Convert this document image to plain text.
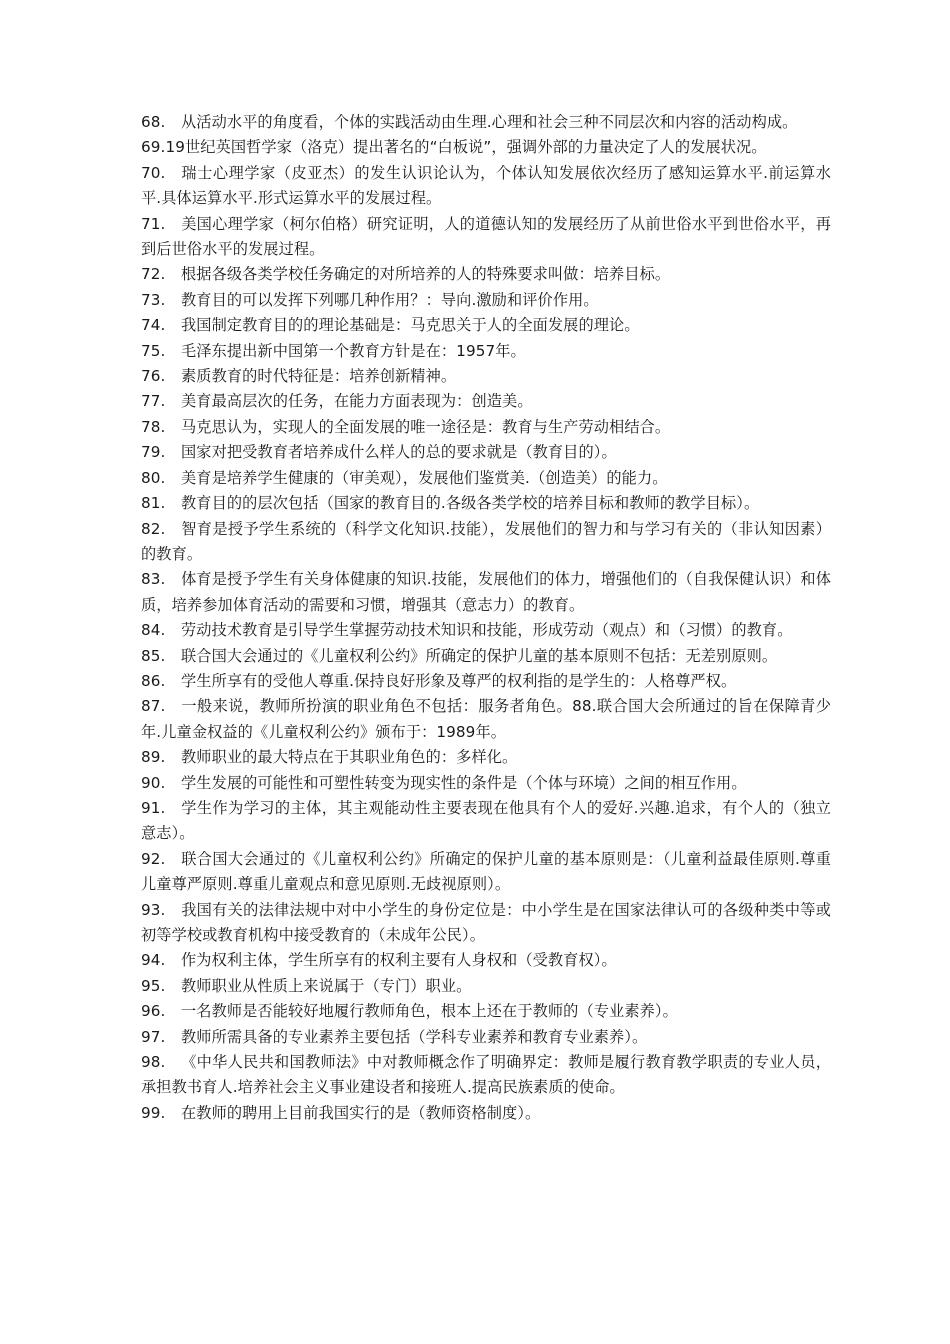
68. 从活动水平的角度看，个体的实践活动由生理.心理和社会三种不同层次和内容的活动构成。

69.19世纪英国哲学家（洛克）提出著名的“白板说”，强调外部的力量决定了人的发展状况。

70. 瑞士心理学家（皮亚杰）的发生认识论认为，个体认知发展依次经历了感知运算水平.前运算水平.具体运算水平.形式运算水平的发展过程。

71. 美国心理学家（柯尔伯格）研究证明，人的道德认知的发展经历了从前世俗水平到世俗水平，再到后世俗水平的发展过程。

72. 根据各级各类学校任务确定的对所培养的人的特殊要求叫做：培养目标。

73. 教育目的可以发挥下列哪几种作用？：导向.激励和评价作用。

74. 我国制定教育目的的理论基础是：马克思关于人的全面发展的理论。

75. 毛泽东提出新中国第一个教育方针是在：1957年。

76. 素质教育的时代特征是：培养创新精神。

77. 美育最高层次的任务，在能力方面表现为：创造美。

78. 马克思认为，实现人的全面发展的唯一途径是：教育与生产劳动相结合。

79. 国家对把受教育者培养成什么样人的总的要求就是（教育目的）。

80. 美育是培养学生健康的（审美观），发展他们鉴赏美.（创造美）的能力。

81. 教育目的的层次包括（国家的教育目的.各级各类学校的培养目标和教师的教学目标）。

82. 智育是授予学生系统的（科学文化知识.技能），发展他们的智力和与学习有关的（非认知因素）的教育。

83. 体育是授予学生有关身体健康的知识.技能，发展他们的体力，增强他们的（自我保健认识）和体质，培养参加体育活动的需要和习惯，增强其（意志力）的教育。

84. 劳动技术教育是引导学生掌握劳动技术知识和技能，形成劳动（观点）和（习惯）的教育。

85. 联合国大会通过的《儿童权利公约》所确定的保护儿童的基本原则不包括：无差别原则。

86. 学生所享有的受他人尊重.保持良好形象及尊严的权利指的是学生的：人格尊严权。

87. 一般来说，教师所扮演的职业角色不包括：服务者角色。88.联合国大会所通过的旨在保障青少年.儿童金权益的《儿童权利公约》颁布于：1989年。

89. 教师职业的最大特点在于其职业角色的：多样化。

90. 学生发展的可能性和可塑性转变为现实性的条件是（个体与环境）之间的相互作用。

91. 学生作为学习的主体，其主观能动性主要表现在他具有个人的爱好.兴趣.追求，有个人的（独立意志）。

92. 联合国大会通过的《儿童权利公约》所确定的保护儿童的基本原则是：（儿童利益最佳原则.尊重儿童尊严原则.尊重儿童观点和意见原则.无歧视原则）。

93. 我国有关的法律法规中对中小学生的身份定位是：中小学生是在国家法律认可的各级种类中等或初等学校或教育机构中接受教育的（未成年公民）。

94. 作为权利主体，学生所享有的权利主要有人身权和（受教育权）。

95. 教师职业从性质上来说属于（专门）职业。

96. 一名教师是否能较好地履行教师角色，根本上还在于教师的（专业素养）。

97. 教师所需具备的专业素养主要包括（学科专业素养和教育专业素养）。

98. 《中华人民共和国教师法》中对教师概念作了明确界定：教师是履行教育教学职责的专业人员，承担教书育人.培养社会主义事业建设者和接班人.提高民族素质的使命。

99. 在教师的聘用上目前我国实行的是（教师资格制度）。
